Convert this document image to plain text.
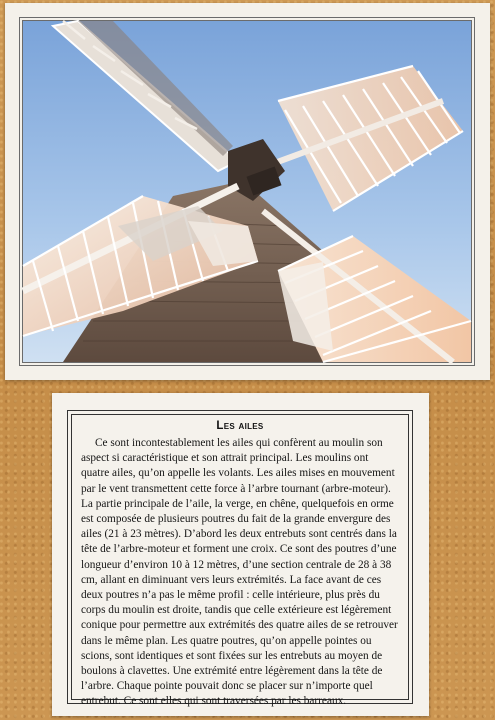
Les ailes

Ce sont incontestablement les ailes qui confèrent au moulin son aspect si caractéristique et son attrait principal. Les moulins ont quatre ailes, qu’on appelle les volants. Les ailes mises en mouvement par le vent transmettent cette force à l’arbre tournant (arbre-moteur). La partie principale de l’aile, la verge, en chêne, quelquefois en orme est composée de plusieurs poutres du fait de la grande envergure des ailes (21 à 23 mètres). D’abord les deux entrebuts sont centrés dans la tête de l’arbre-moteur et forment une croix. Ce sont des poutres d’une longueur d’environ 10 à 12 mètres, d’une section centrale de 28 à 38 cm, allant en diminuant vers leurs extrémités. La face avant de ces deux poutres n’a pas le même profil : celle intérieure, plus près du corps du moulin est droite, tandis que celle extérieure est légèrement conique pour permettre aux extrémités des quatre ailes de se retrouver dans le même plan. Les quatre poutres, qu’on appelle pointes ou scions, sont identiques et sont fixées sur les entrebuts au moyen de boulons à clavettes. Une extrémité entre légèrement dans la tête de l’arbre. Chaque pointe pouvait donc se placer sur n’importe quel entrebut. Ce sont elles qui sont traversées par les barreaux.
